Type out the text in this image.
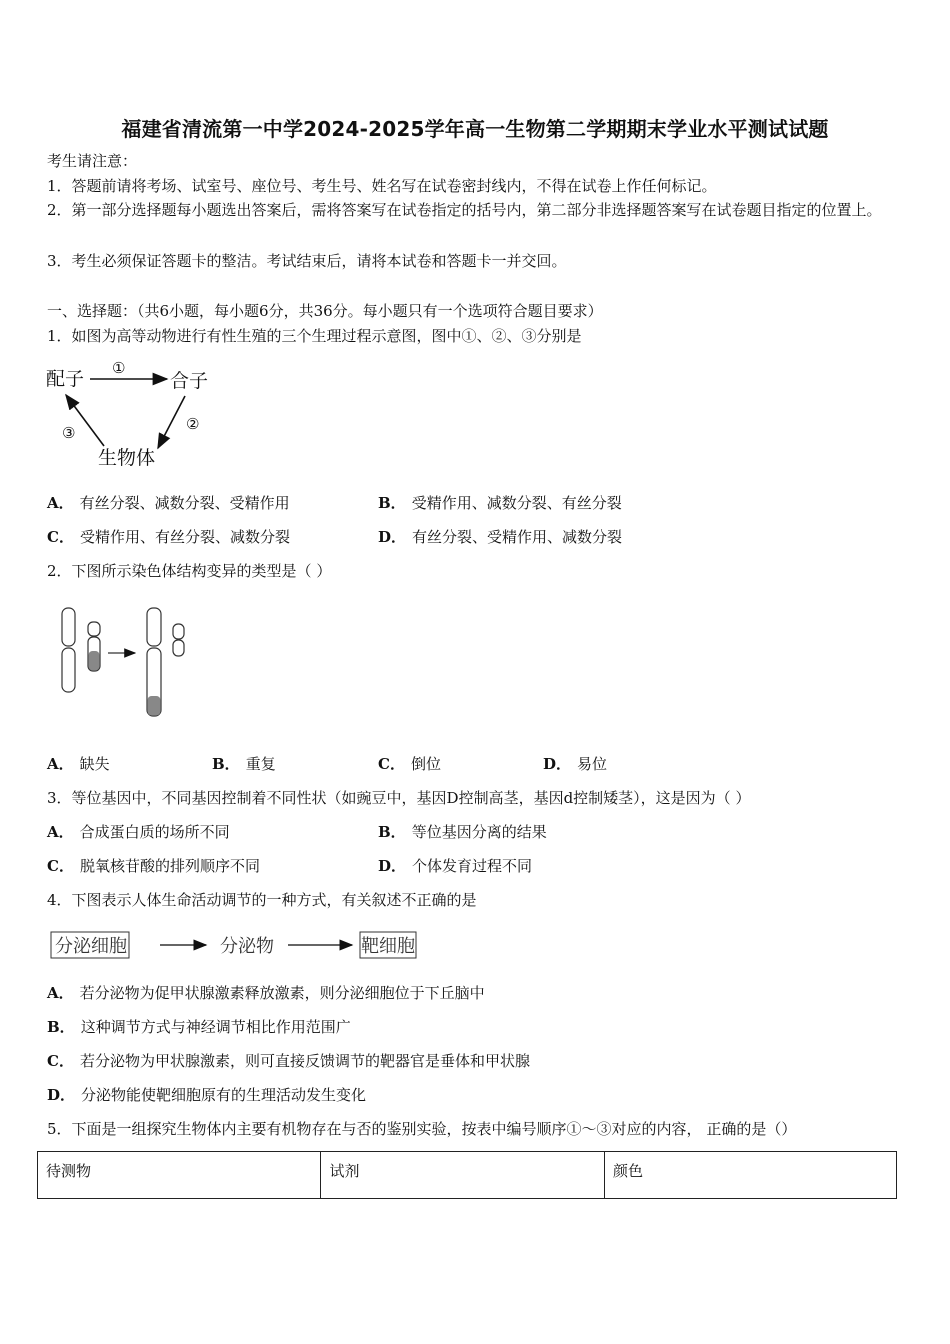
福建省清流第一中学2024-2025学年高一生物第二学期期末学业水平测试试题
考生请注意：
1．答题前请将考场、试室号、座位号、考生号、姓名写在试卷密封线内，不得在试卷上作任何标记。
2．第一部分选择题每小题选出答案后，需将答案写在试卷指定的括号内，第二部分非选择题答案写在试卷题目指定的位置上。
3．考生必须保证答题卡的整洁。考试结束后，请将本试卷和答题卡一并交回。
一、选择题：（共6小题，每小题6分，共36分。每小题只有一个选项符合题目要求）
1．如图为高等动物进行有性生殖的三个生理过程示意图，图中①、②、③分别是
配子	合子
生物体
①
②
③
A． 有丝分裂、减数分裂、受精作用	B． 受精作用、减数分裂、有丝分裂
C． 受精作用、有丝分裂、减数分裂	D． 有丝分裂、受精作用、减数分裂
2．下图所示染色体结构变异的类型是（ ）
A． 缺失	B． 重复	C． 倒位	D． 易位
3．等位基因中，不同基因控制着不同性状（如豌豆中，基因D控制高茎，基因d控制矮茎），这是因为（ ）
A． 合成蛋白质的场所不同	B． 等位基因分离的结果
C． 脱氧核苷酸的排列顺序不同	D． 个体发育过程不同
4．下图表示人体生命活动调节的一种方式，有关叙述不正确的是
分泌细胞	分泌物	靶细胞
A． 若分泌物为促甲状腺激素释放激素，则分泌细胞位于下丘脑中
B． 这种调节方式与神经调节相比作用范围广
C． 若分泌物为甲状腺激素，则可直接反馈调节的靶器官是垂体和甲状腺
D． 分泌物能使靶细胞原有的生理活动发生变化
5．下面是一组探究生物体内主要有机物存在与否的鉴别实验，按表中编号顺序①～③对应的内容， 正确的是（）
待测物	试剂	颜色
